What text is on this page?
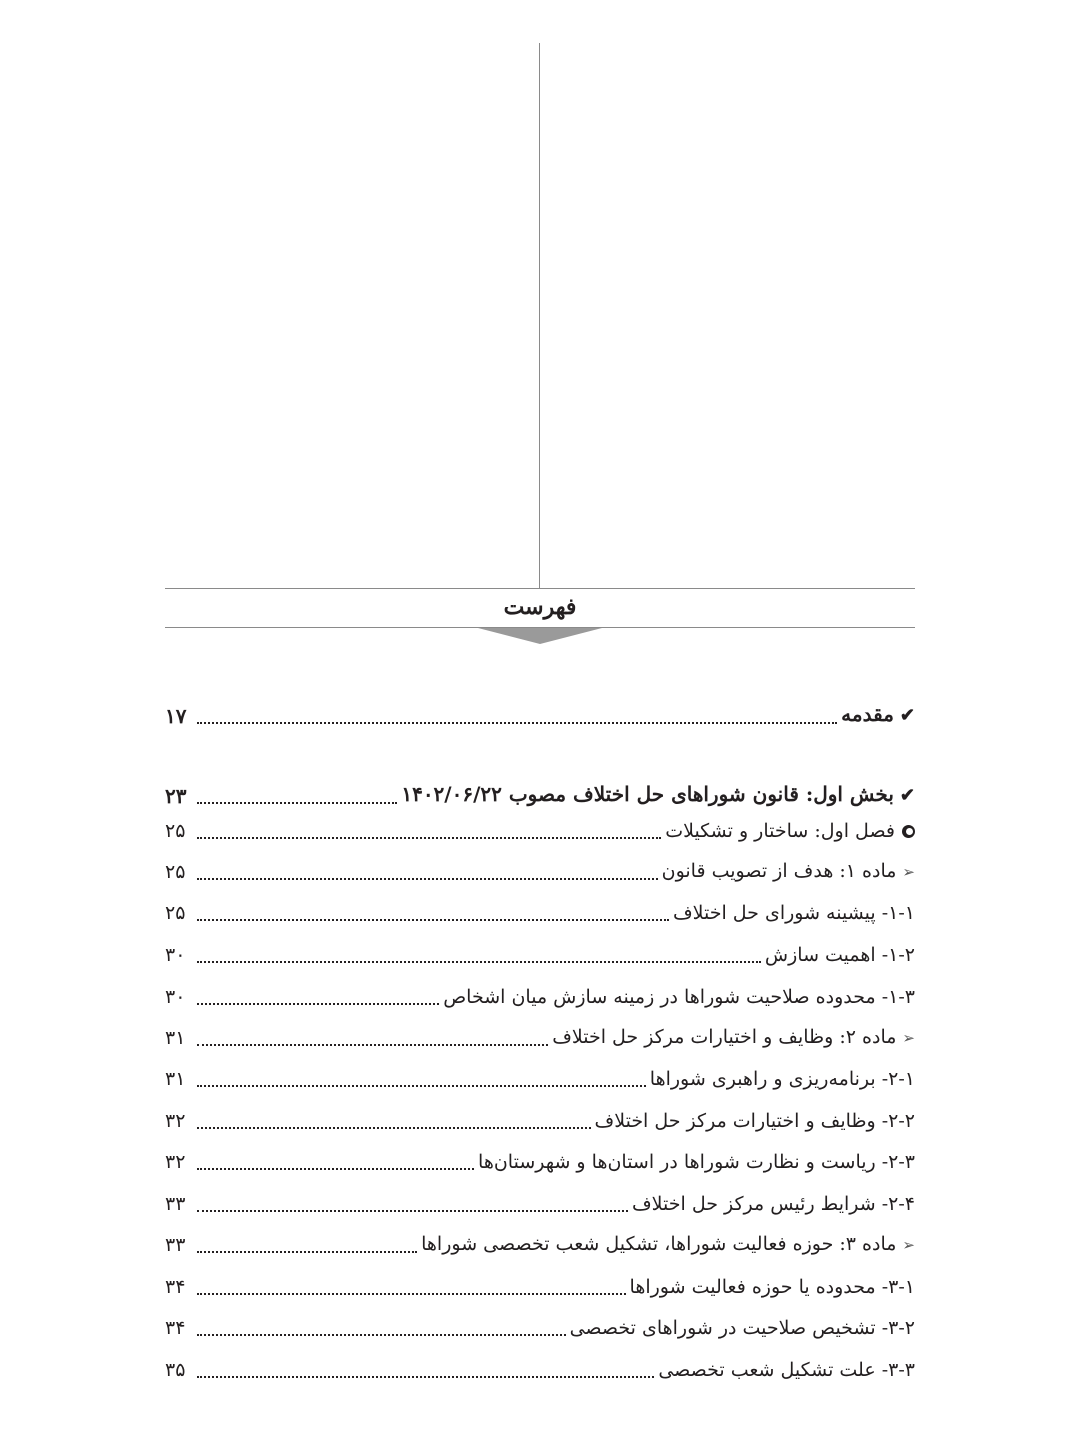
فهرست
✔مقدمه
۱۷
✔بخش اول: قانون شوراهای حل اختلاف مصوب ۱۴۰۲/۰۶/۲۲
۲۳
فصل اول: ساختار و تشکیلات
۲۵
➢ماده ۱: هدف از تصویب قانون
۲۵
۱-۱- پیشینه شورای حل اختلاف
۲۵
۱-۲- اهمیت سازش
۳۰
۱-۳- محدوده صلاحیت شوراها در زمینه سازش میان اشخاص
۳۰
➢ماده ۲: وظایف و اختیارات مرکز حل اختلاف
۳۱
۲-۱- برنامه‌ریزی و راهبری شوراها
۳۱
۲-۲- وظایف و اختیارات مرکز حل اختلاف
۳۲
۲-۳- ریاست و نظارت شوراها در استان‌ها و شهرستان‌ها
۳۲
۲-۴- شرایط رئیس مرکز حل اختلاف
۳۳
➢ماده ۳: حوزه فعالیت شوراها، تشکیل شعب تخصصی شوراها
۳۳
۳-۱- محدوده یا حوزه فعالیت شوراها
۳۴
۳-۲- تشخیص صلاحیت در شوراهای تخصصی
۳۴
۳-۳- علت تشکیل شعب تخصصی
۳۵
